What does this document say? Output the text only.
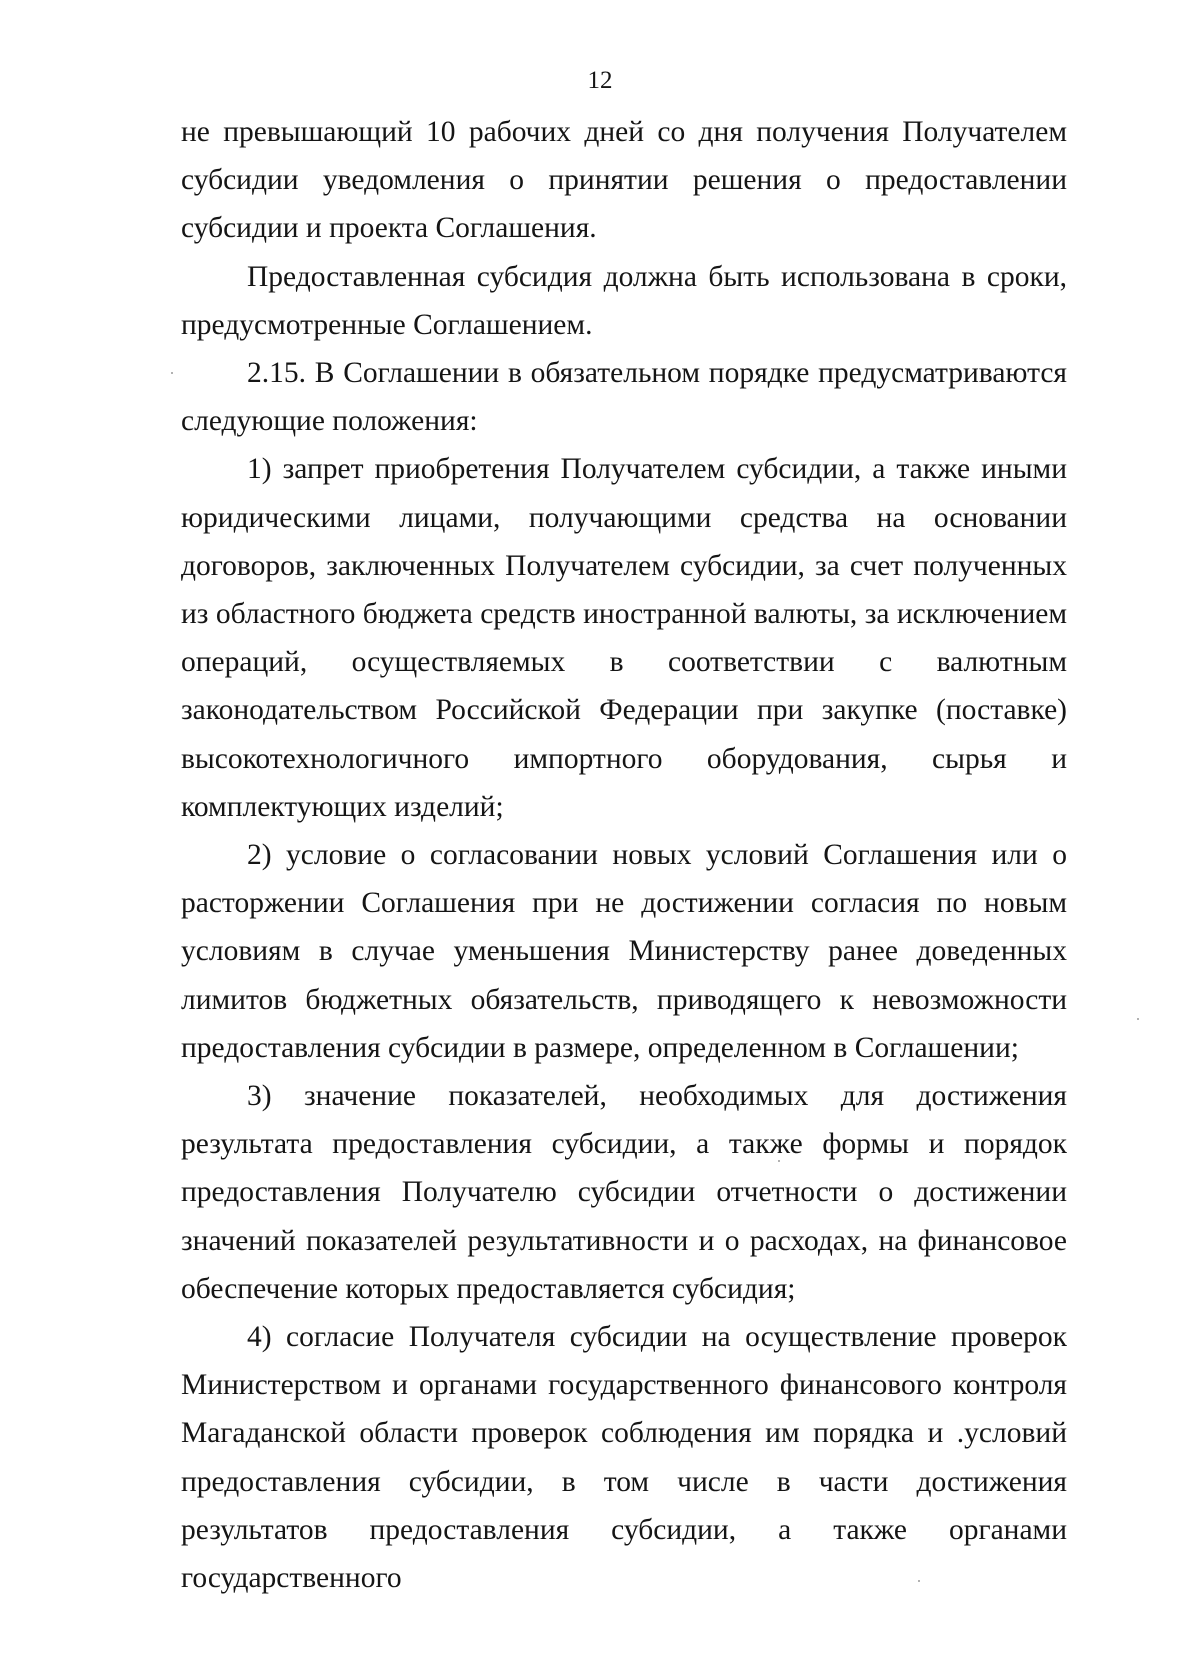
12

не превышающий 10 рабочих дней со дня получения Получателем субсидии уведомления о принятии решения о предоставлении субсидии и проекта Соглашения.

Предоставленная субсидия должна быть использована в сроки, предусмотренные Соглашением.

2.15. В Соглашении в обязательном порядке предусматриваются следующие положения:

1) запрет приобретения Получателем субсидии, а также иными юридическими лицами, получающими средства на основании договоров, заключенных Получателем субсидии, за счет полученных из областного бюджета средств иностранной валюты, за исключением операций, осуществляемых в соответствии с валютным законодательством Российской Федерации при закупке (поставке) высокотехнологичного импортного оборудования, сырья и комплектующих изделий;

2) условие о согласовании новых условий Соглашения или о расторжении Соглашения при не достижении согласия по новым условиям в случае уменьшения Министерству ранее доведенных лимитов бюджетных обязательств, приводящего к невозможности предоставления субсидии в размере, определенном в Соглашении;

3) значение показателей, необходимых для достижения результата предоставления субсидии, а также формы и порядок предоставления Получателю субсидии отчетности о достижении значений показателей результативности и о расходах, на финансовое обеспечение которых предоставляется субсидия;

4) согласие Получателя субсидии на осуществление проверок Министерством и органами государственного финансового контроля Магаданской области проверок соблюдения им порядка и .условий предоставления субсидии, в том числе в части достижения результатов предоставления субсидии, а также органами государственного
